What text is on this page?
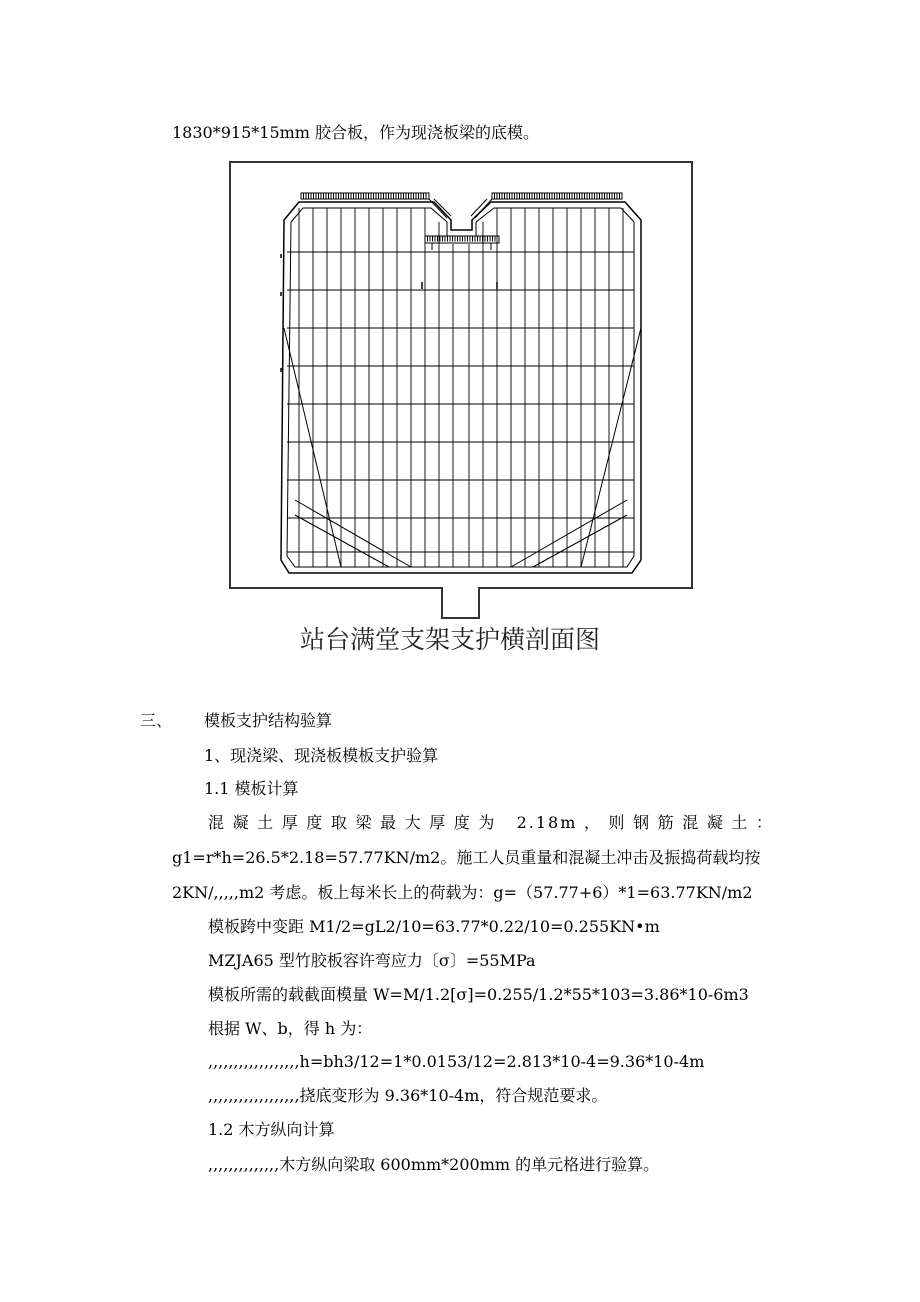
1830*915*15mm 胶合板，作为现浇板梁的底模。
站台满堂支架支护横剖面图
三、 模板支护结构验算
1、现浇梁、现浇板模板支护验算
1.1 模板计算
混凝土厚度取梁最大厚度为 2.18m，则钢筋混凝土：
g1=r*h=26.5*2.18=57.77KN/m2。施工人员重量和混凝土冲击及振捣荷载均按
2KN/,,,,,m2 考虑。板上每米长上的荷载为：g=（57.77+6）*1=63.77KN/m2
模板跨中变距 M1/2=gL2/10=63.77*0.22/10=0.255KN•m
MZJA65 型竹胶板容许弯应力〔σ〕=55MPa
模板所需的载截面模量 W=M/1.2[σ]=0.255/1.2*55*103=3.86*10-6m3
根据 W、b，得 h 为：
,,,,,,,,,,,,,,,,,,h=bh3/12=1*0.0153/12=2.813*10-4=9.36*10-4m
,,,,,,,,,,,,,,,,,,挠底变形为 9.36*10-4m，符合规范要求。
1.2 木方纵向计算
,,,,,,,,,,,,,,木方纵向梁取 600mm*200mm 的单元格进行验算。
